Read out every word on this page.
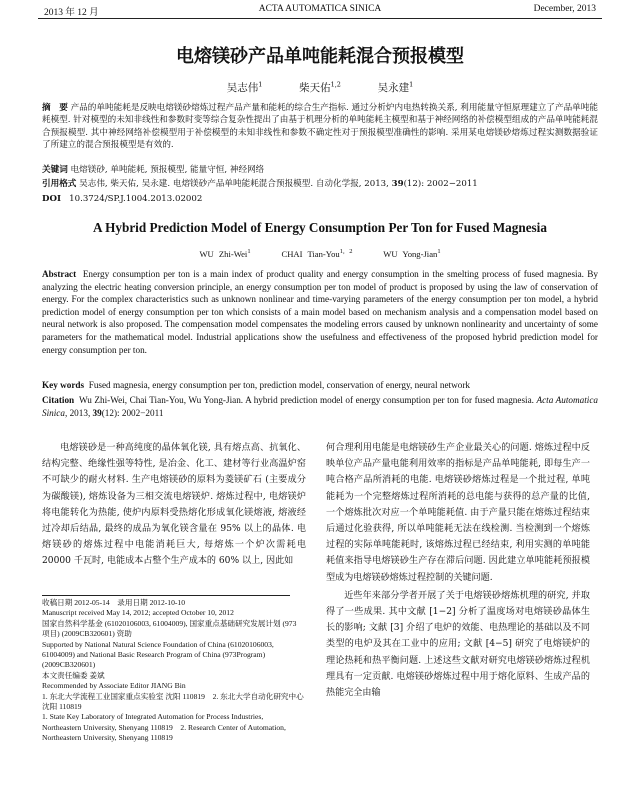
2013 年 12 月	ACTA AUTOMATICA SINICA	December, 2013
电熔镁砂产品单吨能耗混合预报模型
吴志伟$^1$	柴天佑$^{1,2}$	吴永建$^1$
摘　要 产品的单吨能耗是反映电熔镁砂熔炼过程产品产量和能耗的综合生产指标. 通过分析炉内电热转换关系, 利用能量守恒原理建立了产品单吨能耗模型. 针对模型的未知非线性和参数时变等综合复杂性提出了由基于机理分析的单吨能耗主模型和基于神经网络的补偿模型组成的产品单吨能耗混合预报模型. 其中神经网络补偿模型用于补偿模型的未知非线性和参数不确定性对于预报模型准确性的影响. 采用某电熔镁砂熔炼过程实测数据验证了所建立的混合预报模型是有效的.
关键词 电熔镁砂, 单吨能耗, 预报模型, 能量守恒, 神经网络
引用格式 吴志伟, 柴天佑, 吴永建. 电熔镁砂产品单吨能耗混合预报模型. 自动化学报, 2013, 39(12): 2002−2011
DOI 10.3724/SP.J.1004.2013.02002
A Hybrid Prediction Model of Energy Consumption Per Ton for Fused Magnesia
WU Zhi-Wei$^1$	CHAI Tian-You$^{1, 2}$	WU Yong-Jian$^1$
Abstract Energy consumption per ton is a main index of product quality and energy consumption in the smelting process of fused magnesia. By analyzing the electric heating conversion principle, an energy consumption per ton model of product is proposed by using the law of conservation of energy. For the complex characteristics such as unknown nonlinear and time-varying parameters of the energy consumption per ton model, a hybrid prediction model of energy consumption per ton which consists of a main model based on mechanism analysis and a compensation model based on neural network is also proposed. The compensation model compensates the modeling errors caused by unknown nonlinearity and uncertainty of some parameters for the mathematical model. Industrial applications show the usefulness and effectiveness of the proposed hybrid prediction model for energy consumption per ton.
Key words Fused magnesia, energy consumption per ton, prediction model, conservation of energy, neural network
Citation Wu Zhi-Wei, Chai Tian-You, Wu Yong-Jian. A hybrid prediction model of energy consumption per ton for fused magnesia. Acta Automatica Sinica, 2013, 39(12): 2002−2011

电熔镁砂是一种高纯度的晶体氧化镁, 具有熔点高、抗氧化、结构完整、绝缘性强等特性, 是冶金、化工、建材等行业高温炉窑不可缺少的耐火材料. 生产电熔镁砂的原料为菱镁矿石 (主要成分为碳酸镁), 熔炼设备为三相交流电熔镁炉. 熔炼过程中, 电熔镁炉将电能转化为热能, 使炉内原料受热熔化形成氧化镁熔液, 熔液经过冷却后结晶, 最终的成品为氧化镁含量在 95% 以上的晶体. 电熔镁砂的熔炼过程中电能消耗巨大, 每熔炼一个炉次需耗电 20000 千瓦时, 电能成本占整个生产成本的 60% 以上, 因此如

何合理利用电能是电熔镁砂生产企业最关心的问题. 熔炼过程中反映单位产品产量电能利用效率的指标是产品单吨能耗, 即每生产一吨合格产品所消耗的电能. 电熔镁砂熔炼过程是一个批过程, 单吨能耗为一个完整熔炼过程所消耗的总电能与获得的总产量的比值, 一个熔炼批次对应一个单吨能耗值. 由于产量只能在熔炼过程结束后通过化验获得, 所以单吨能耗无法在线检测. 当检测到一个熔炼过程的实际单吨能耗时, 该熔炼过程已经结束, 利用实测的单吨能耗值来指导电熔镁砂生产存在滞后问题. 因此建立单吨能耗预报模型成为电熔镁砂熔炼过程控制的关键问题.

近些年来部分学者开展了关于电熔镁砂熔炼机理的研究, 并取得了一些成果. 其中文献 [1−2] 分析了温度场对电熔镁砂晶体生长的影响; 文献 [3] 介绍了电炉的效能、电热理论的基础以及不同类型的电炉及其在工业中的应用; 文献 [4−5] 研究了电熔镁炉的理论热耗和热平衡问题. 上述这些文献对研究电熔镁砂熔炼过程机理具有一定贡献. 电熔镁砂熔炼过程中用于熔化原料、生成产品的热能完全由输

收稿日期 2012-05-14　录用日期 2012-10-10

Manuscript received May 14, 2012; accepted October 10, 2012

国家自然科学基金 (61020106003, 61004009), 国家重点基础研究发展计划 (973 项目) (2009CB320601) 资助

Supported by National Natural Science Foundation of China (61020106003, 61004009) and National Basic Research Program of China (973Program) (2009CB320601)

本文责任编委 姜斌

Recommended by Associate Editor JIANG Bin

1. 东北大学流程工业国家重点实验室 沈阳 110819　2. 东北大学自动化研究中心 沈阳 110819

1. State Key Laboratory of Integrated Automation for Process Industries, Northeastern University, Shenyang 110819　2. Research Center of Automation, Northeastern University, Shenyang 110819
